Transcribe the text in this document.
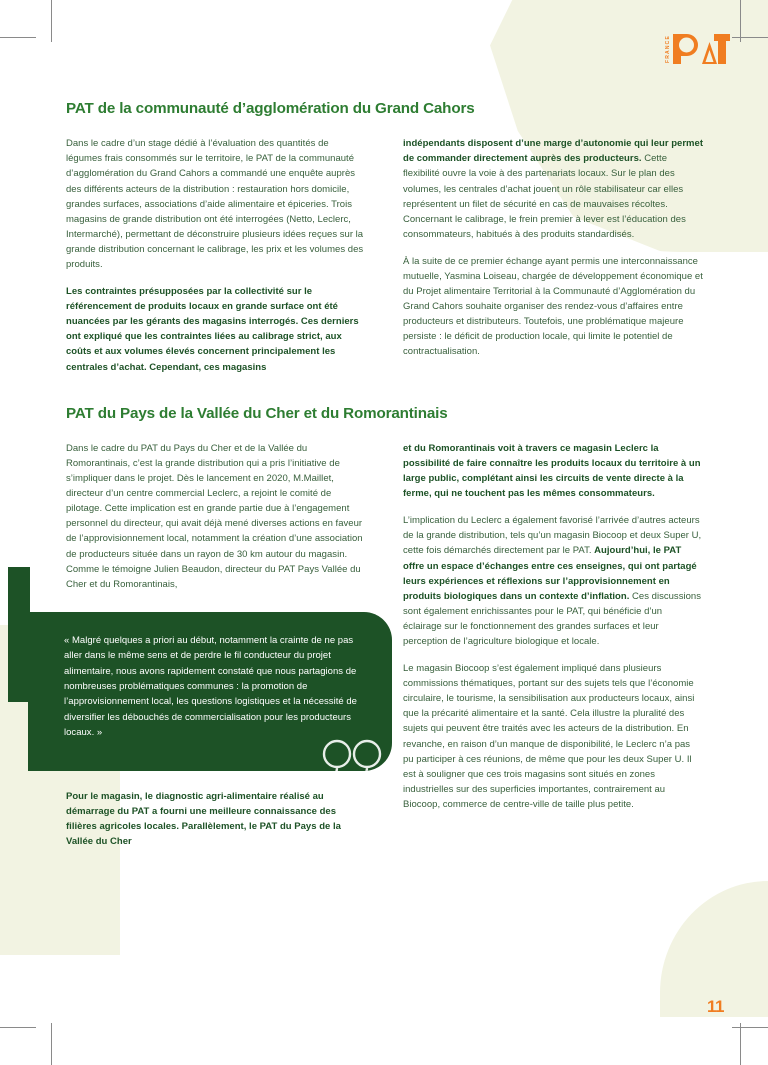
FRANCE
PAT de la communauté d’agglomération du Grand Cahors

Dans le cadre d’un stage dédié à l’évaluation des quantités de légumes frais consommés sur le territoire, le PAT de la communauté d’agglomération du Grand Cahors a commandé une enquête auprès des différents acteurs de la distribution : restauration hors domicile, grandes surfaces, associations d’aide alimentaire et épiceries. Trois magasins de grande distribution ont été interrogées (Netto, Leclerc, Intermarché), permettant de déconstruire plusieurs idées reçues sur la grande distribution concernant le calibrage, les prix et les volumes des produits.

Les contraintes présupposées par la collectivité sur le référencement de produits locaux en grande surface ont été nuancées par les gérants des magasins interrogés. Ces derniers ont expliqué que les contraintes liées au calibrage strict, aux coûts et aux volumes élevés concernent principalement les centrales d’achat. Cependant, ces magasins

indépendants disposent d’une marge d’autonomie qui leur permet de commander directement auprès des producteurs. Cette flexibilité ouvre la voie à des partenariats locaux. Sur le plan des volumes, les centrales d’achat jouent un rôle stabilisateur car elles représentent un filet de sécurité en cas de mauvaises récoltes. Concernant le calibrage, le frein premier à lever est l’éducation des consommateurs, habitués à des produits standardisés.

À la suite de ce premier échange ayant permis une interconnaissance mutuelle, Yasmina Loiseau, chargée de développement économique et du Projet alimentaire Territorial à la Communauté d’Agglomération du Grand Cahors souhaite organiser des rendez-vous d’affaires entre producteurs et distributeurs. Toutefois, une problématique majeure persiste : le déficit de production locale, qui limite le potentiel de contractualisation.

PAT du Pays de la Vallée du Cher et du Romorantinais

Dans le cadre du PAT du Pays du Cher et de la Vallée du Romorantinais, c’est la grande distribution qui a pris l’initiative de s’impliquer dans le projet. Dès le lancement en 2020, M.Maillet, directeur d’un centre commercial Leclerc, a rejoint le comité de pilotage. Cette implication est en grande partie due à l’engagement personnel du directeur, qui avait déjà mené diverses actions en faveur de l’approvisionnement local, notamment la création d’une association de producteurs située dans un rayon de 30 km autour du magasin. Comme le témoigne Julien Beaudon, directeur du PAT Pays Vallée du Cher et du Romorantinais,

« Malgré quelques a priori au début, notamment la crainte de ne pas aller dans le même sens et de perdre le fil conducteur du projet alimentaire, nous avons rapidement constaté que nous partagions de nombreuses problématiques communes : la promotion de l’approvisionnement local, les questions logistiques et la nécessité de diversifier les débouchés de commercialisation pour les producteurs locaux. »

Pour le magasin, le diagnostic agri-alimentaire réalisé au démarrage du PAT a fourni une meilleure connaissance des filières agricoles locales. Parallèlement, le PAT du Pays de la Vallée du Cher

et du Romorantinais voit à travers ce magasin Leclerc la possibilité de faire connaître les produits locaux du territoire à un large public, complétant ainsi les circuits de vente directe à la ferme, qui ne touchent pas les mêmes consommateurs.

L’implication du Leclerc a également favorisé l’arrivée d’autres acteurs de la grande distribution, tels qu’un magasin Biocoop et deux Super U, cette fois démarchés directement par le PAT. Aujourd’hui, le PAT offre un espace d’échanges entre ces enseignes, qui ont partagé leurs expériences et réflexions sur l’approvisionnement en produits biologiques dans un contexte d’inflation. Ces discussions sont également enrichissantes pour le PAT, qui bénéficie d’un éclairage sur le fonctionnement des grandes surfaces et leur perception de l’agriculture biologique et locale.

Le magasin Biocoop s’est également impliqué dans plusieurs commissions thématiques, portant sur des sujets tels que l’économie circulaire, le tourisme, la sensibilisation aux producteurs locaux, ainsi que la précarité alimentaire et la santé. Cela illustre la pluralité des sujets qui peuvent être traités avec les acteurs de la distribution. En revanche, en raison d’un manque de disponibilité, le Leclerc n’a pas pu participer à ces réunions, de même que pour les deux Super U. Il est à souligner que ces trois magasins sont situés en zones industrielles sur des superficies importantes, contrairement au Biocoop, commerce de centre-ville de taille plus petite.

11
